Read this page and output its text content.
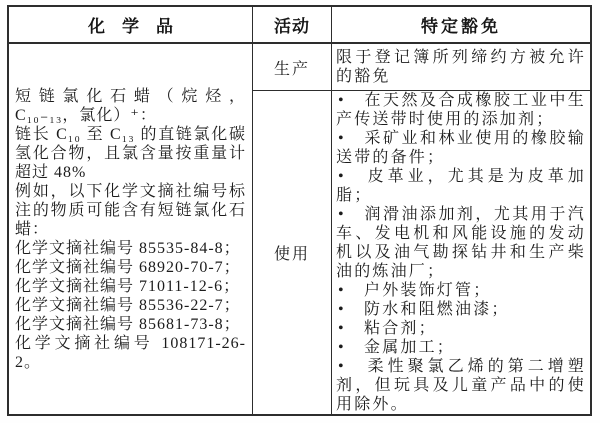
化　学　品	活动	特定豁免
短链氯化石蜡（烷烃，C₁₀₋₁₃，氯化）⁺：
链长 C₁₀ 至 C₁₃ 的直链氯化碳氢化合物，且氯含量按重量计超过 48%
例如，以下化学文摘社编号标注的物质可能含有短链氯化石蜡：
化学文摘社编号 85535-84-8；
化学文摘社编号 68920-70-7；
化学文摘社编号 71011-12-6；
化学文摘社编号 85536-22-7；
化学文摘社编号 85681-73-8；
化学文摘社编号 108171-26-2。
生产
限于登记簿所列缔约方被允许的豁免
使用
•　在天然及合成橡胶工业中生产传送带时使用的添加剂；
•　采矿业和林业使用的橡胶输送带的备件；
•　皮革业，尤其是为皮革加脂；
•　润滑油添加剂，尤其用于汽车、发电机和风能设施的发动机以及油气勘探钻井和生产柴油的炼油厂；
•　户外装饰灯管；
•　防水和阻燃油漆；
•　粘合剂；
•　金属加工；
•　柔性聚氯乙烯的第二增塑剂，但玩具及儿童产品中的使用除外。
